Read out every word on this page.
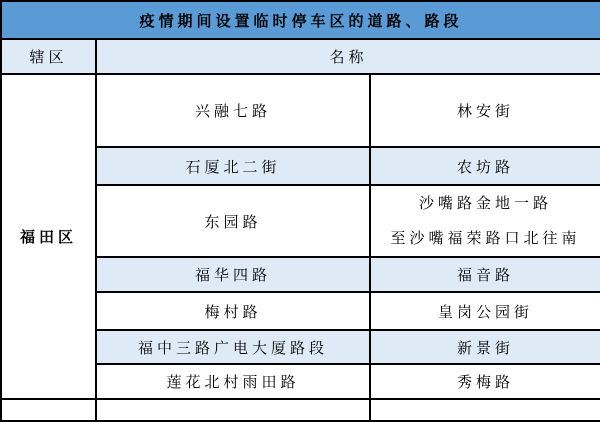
疫情期间设置临时停车区的道路、路段		
辖区	名称	
福田区	兴融七路	林安街
	石厦北二街	农坊路
	东园路	沙嘴路金地一路
至沙嘴福荣路口北往南
	福华四路	福音路
	梅村路	皇岗公园街
	福中三路广电大厦路段	新景街
	莲花北村雨田路	秀梅路
